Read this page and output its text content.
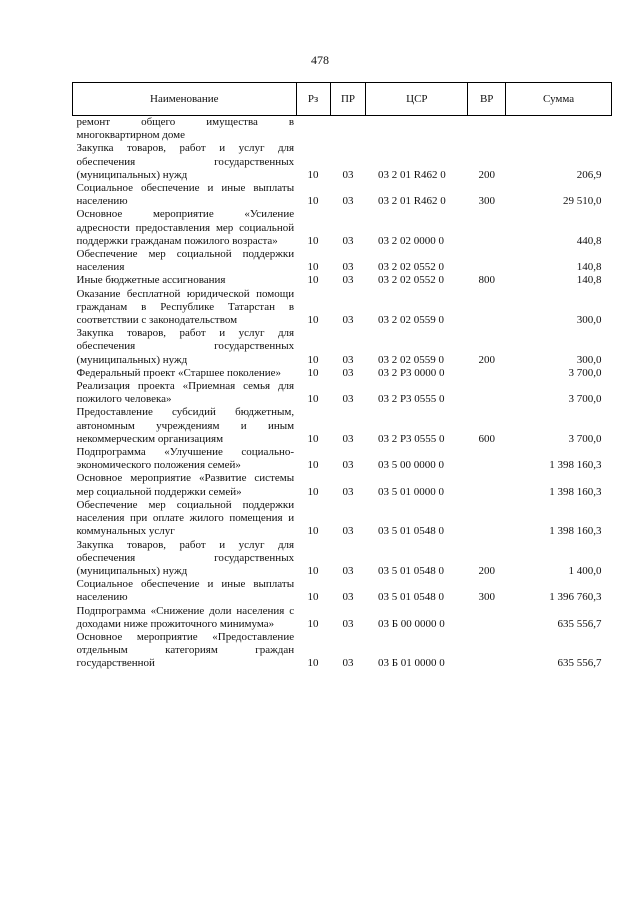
478
Наименование	Рз	ПР	ЦСР	ВР	Сумма
ремонт общего имущества в многоквартирном доме					
Закупка товаров, работ и услуг для обеспечения государственных (муниципальных) нужд	10	03	03 2 01 R462 0	200	206,9
Социальное обеспечение и иные выплаты населению	10	03	03 2 01 R462 0	300	29 510,0
Основное мероприятие «Усиление адресности предоставления мер социальной поддержки гражданам пожилого возраста»	10	03	03 2 02 0000 0		440,8
Обеспечение мер социальной поддержки населения	10	03	03 2 02 0552 0		140,8
Иные бюджетные ассигнования	10	03	03 2 02 0552 0	800	140,8
Оказание бесплатной юридической помощи гражданам в Республике Татарстан в соответствии с законодательством	10	03	03 2 02 0559 0		300,0
Закупка товаров, работ и услуг для обеспечения государственных (муниципальных) нужд	10	03	03 2 02 0559 0	200	300,0
Федеральный проект «Старшее поколение»	10	03	03 2 P3 0000 0		3 700,0
Реализация проекта «Приемная семья для пожилого человека»	10	03	03 2 P3 0555 0		3 700,0
Предоставление субсидий бюджетным, автономным учреждениям и иным некоммерческим организациям	10	03	03 2 P3 0555 0	600	3 700,0
Подпрограмма «Улучшение социально-экономического положения семей»	10	03	03 5 00 0000 0		1 398 160,3
Основное мероприятие «Развитие системы мер социальной поддержки семей»	10	03	03 5 01 0000 0		1 398 160,3
Обеспечение мер социальной поддержки населения при оплате жилого помещения и коммунальных услуг	10	03	03 5 01 0548 0		1 398 160,3
Закупка товаров, работ и услуг для обеспечения государственных (муниципальных) нужд	10	03	03 5 01 0548 0	200	1 400,0
Социальное обеспечение и иные выплаты населению	10	03	03 5 01 0548 0	300	1 396 760,3
Подпрограмма «Снижение доли населения с доходами ниже прожиточного минимума»	10	03	03 Б 00 0000 0		635 556,7
Основное мероприятие «Предоставление отдельным категориям граждан государственной	10	03	03 Б 01 0000 0		635 556,7
